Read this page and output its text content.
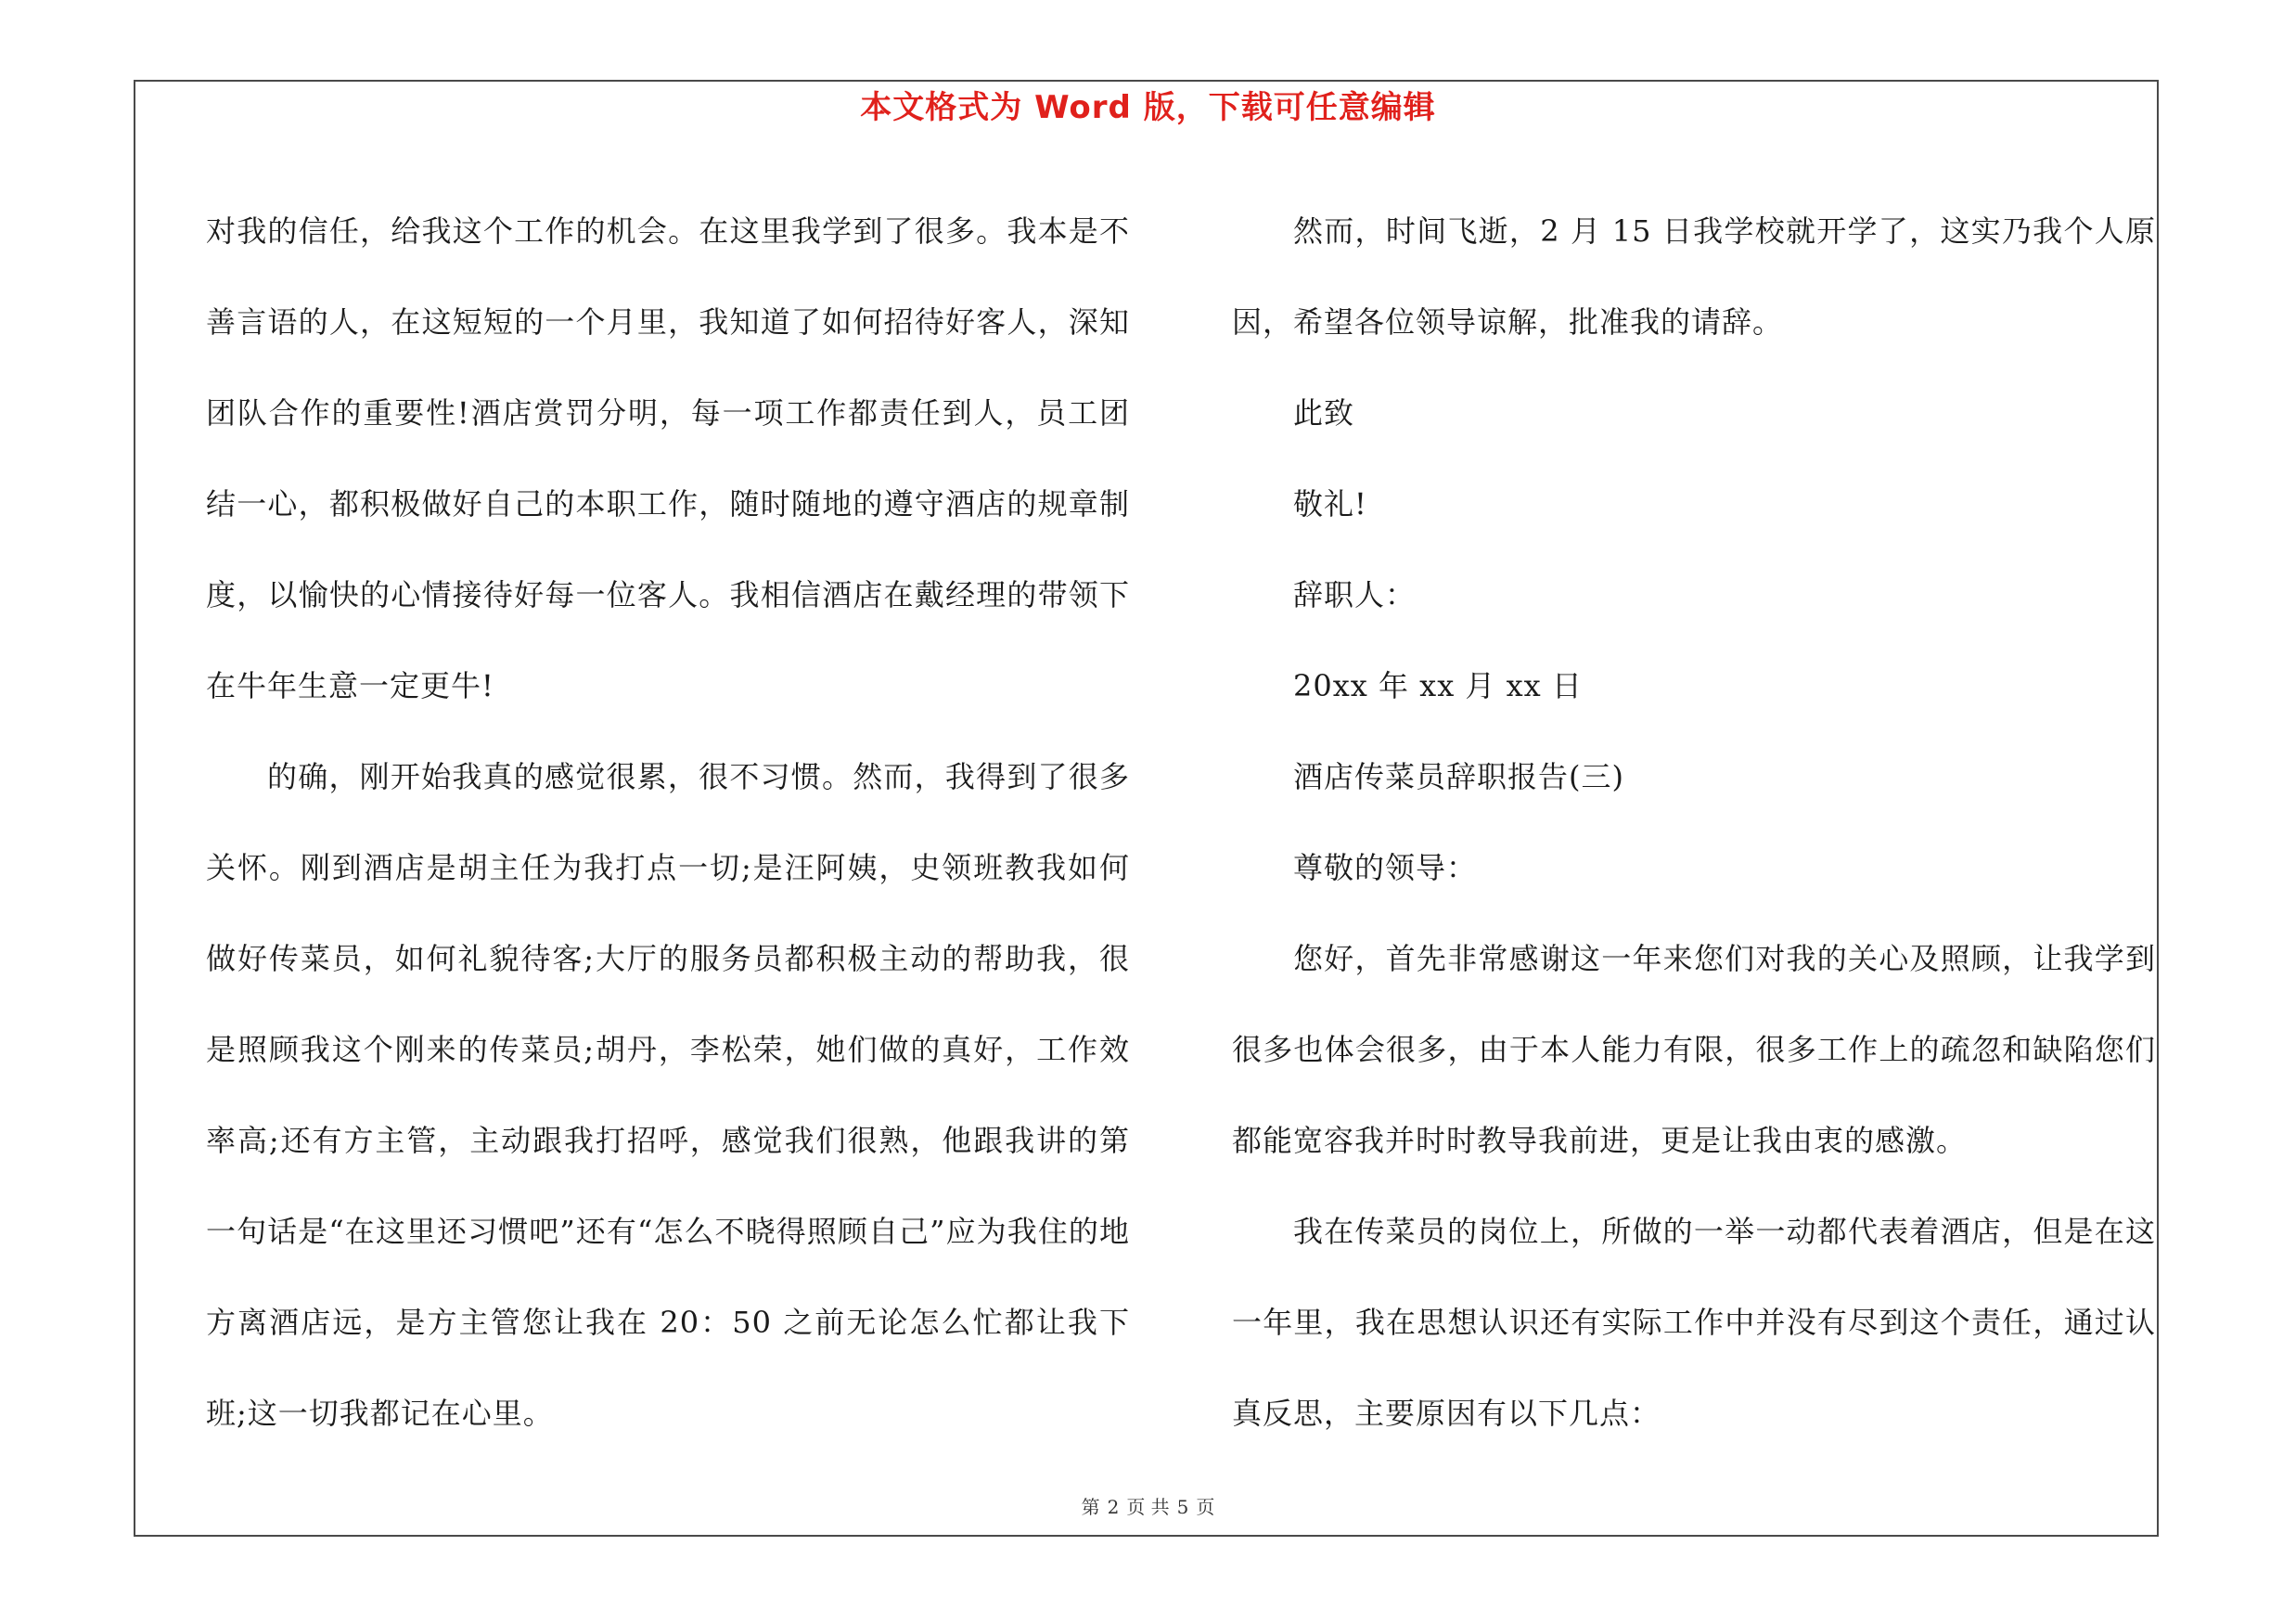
本文格式为 Word 版，下载可任意编辑

对我的信任，给我这个工作的机会。在这里我学到了很多。我本是不善言语的人，在这短短的一个月里，我知道了如何招待好客人，深知团队合作的重要性!酒店赏罚分明，每一项工作都责任到人，员工团结一心，都积极做好自己的本职工作，随时随地的遵守酒店的规章制度，以愉快的心情接待好每一位客人。我相信酒店在戴经理的带领下在牛年生意一定更牛!

的确，刚开始我真的感觉很累，很不习惯。然而，我得到了很多关怀。刚到酒店是胡主任为我打点一切;是汪阿姨，史领班教我如何做好传菜员，如何礼貌待客;大厅的服务员都积极主动的帮助我，很是照顾我这个刚来的传菜员;胡丹，李松荣，她们做的真好，工作效率高;还有方主管，主动跟我打招呼，感觉我们很熟，他跟我讲的第一句话是“在这里还习惯吧”还有“怎么不晓得照顾自己”应为我住的地方离酒店远，是方主管您让我在 20：50 之前无论怎么忙都让我下班;这一切我都记在心里。

然而，时间飞逝，2 月 15 日我学校就开学了，这实乃我个人原因，希望各位领导谅解，批准我的请辞。

此致

敬礼!

辞职人：

20xx 年 xx 月 xx 日

酒店传菜员辞职报告(三)

尊敬的领导：

您好，首先非常感谢这一年来您们对我的关心及照顾，让我学到很多也体会很多，由于本人能力有限，很多工作上的疏忽和缺陷您们都能宽容我并时时教导我前进，更是让我由衷的感激。

我在传菜员的岗位上，所做的一举一动都代表着酒店，但是在这一年里，我在思想认识还有实际工作中并没有尽到这个责任，通过认真反思，主要原因有以下几点：

第 2 页 共 5 页
